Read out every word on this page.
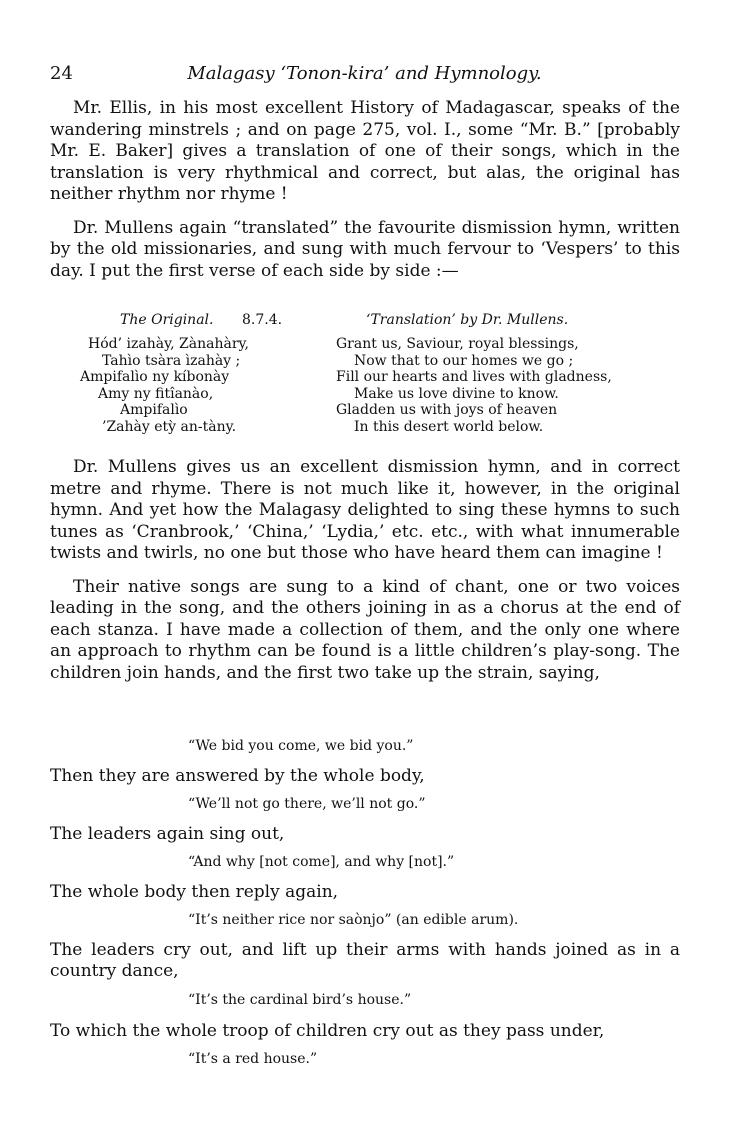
24	Malagasy ‘Tonon-kira’ and Hymnology.

Mr. Ellis, in his most excellent History of Madagascar, speaks of the wandering minstrels ; and on page 275, vol. I., some “Mr. B.” [probably Mr. E. Baker] gives a translation of one of their songs, which in the translation is very rhythmical and correct, but alas, the original has neither rhythm nor rhyme !

Dr. Mullens again “translated” the favourite dismission hymn, written by the old missionaries, and sung with much fervour to ‘Vespers’ to this day. I put the first verse of each side by side :—

The Original. 8.7.4.
Hód’ izahày, Zànahàry,
Tahìo tsàra ìzahày ;
Ampifalìo ny kíbonày
Amy ny fitîanào,
Ampifalìo
’Zahày etỳ an-tàny.
‘Translation’ by Dr. Mullens.
Grant us, Saviour, royal blessings,
Now that to our homes we go ;
Fill our hearts and lives with gladness,
Make us love divine to know.
Gladden us with joys of heaven
In this desert world below.

Dr. Mullens gives us an excellent dismission hymn, and in correct metre and rhyme. There is not much like it, however, in the original hymn. And yet how the Malagasy delighted to sing these hymns to such tunes as ‘Cranbrook,’ ‘China,’ ‘Lydia,’ etc. etc., with what innumerable twists and twirls, no one but those who have heard them can imagine !

Their native songs are sung to a kind of chant, one or two voices leading in the song, and the others joining in as a chorus at the end of each stanza. I have made a collection of them, and the only one where an approach to rhythm can be found is a little children’s play-song. The children join hands, and the first two take up the strain, saying,

“We bid you come, we bid you.”
Then they are answered by the whole body,
“We’ll not go there, we’ll not go.”
The leaders again sing out,
“And why [not come], and why [not].”
The whole body then reply again,
“It’s neither rice nor saònjo” (an edible arum).
The leaders cry out, and lift up their arms with hands joined as in a country dance,
“It’s the cardinal bird’s house.”
To which the whole troop of children cry out as they pass under,
“It’s a red house.”
